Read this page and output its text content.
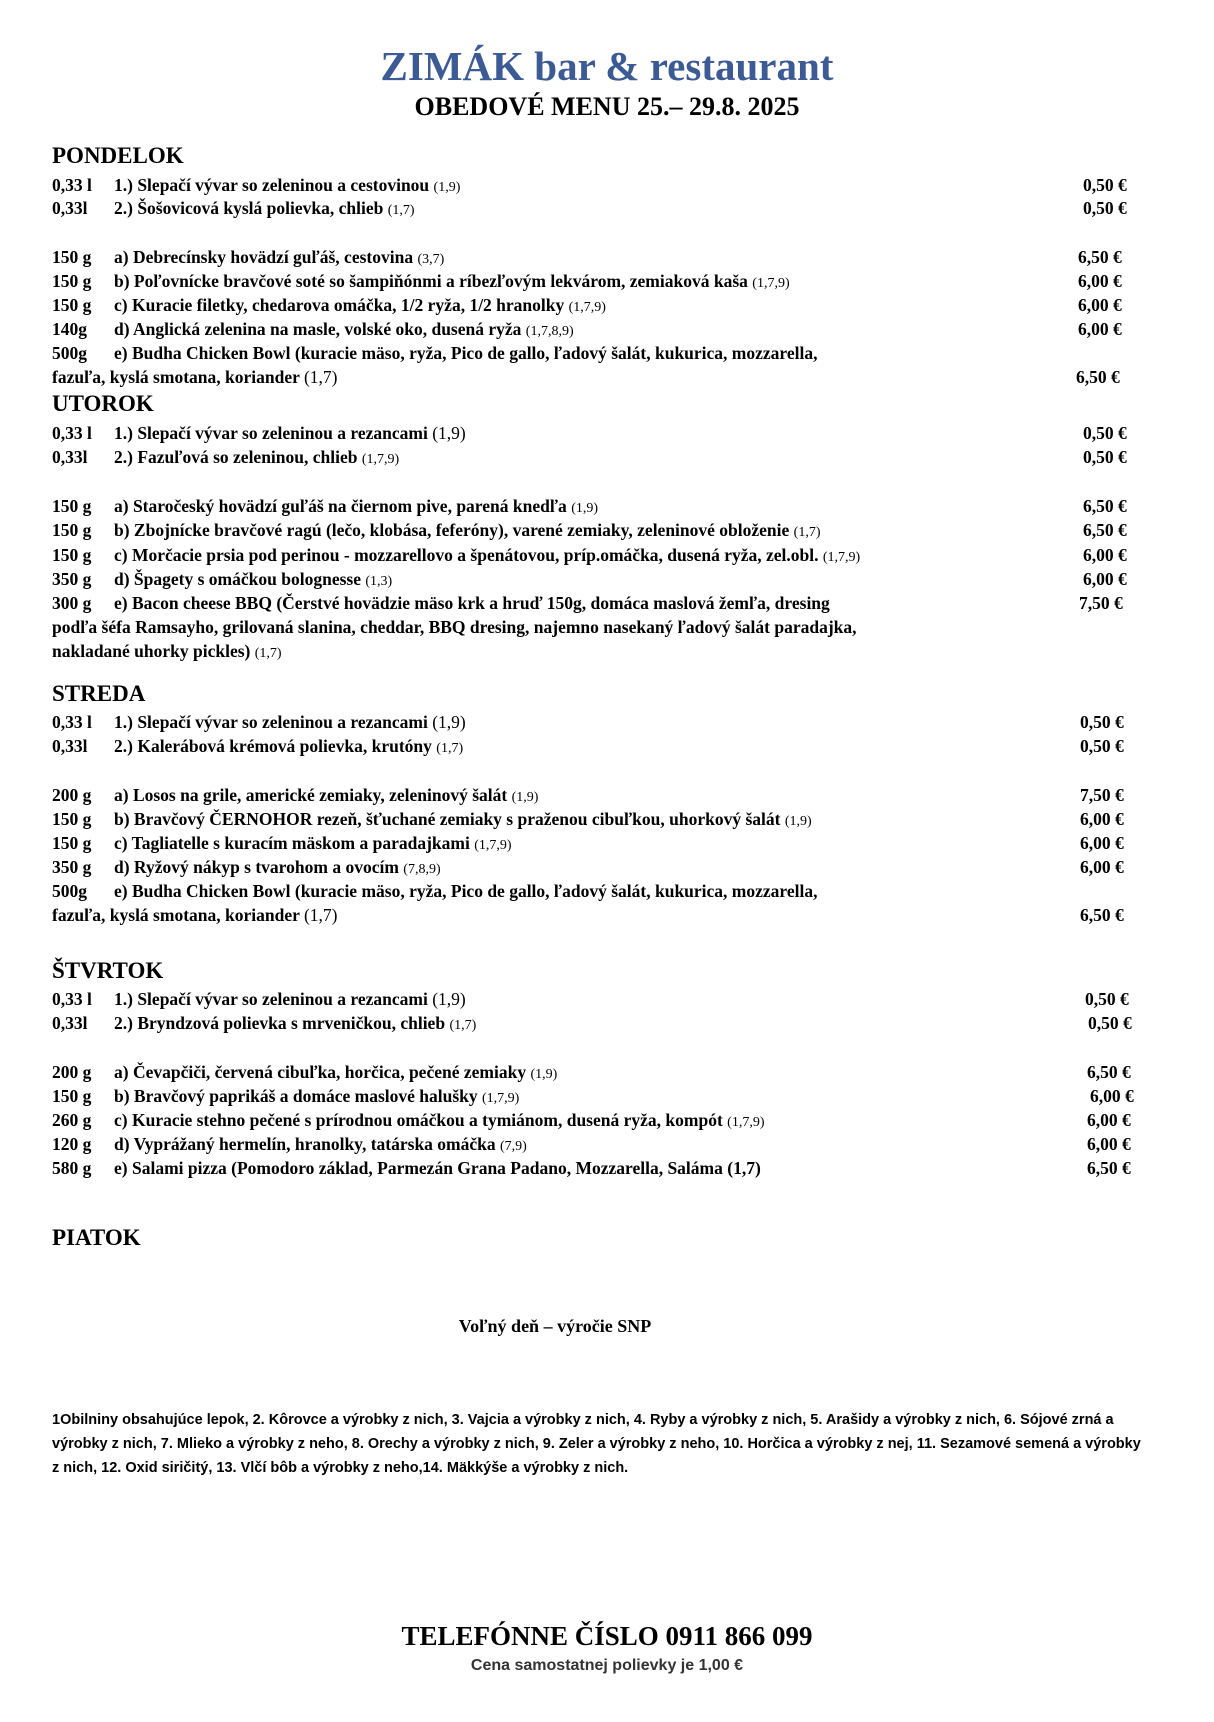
ZIMÁK bar & restaurant
OBEDOVÉ MENU 25.– 29.8. 2025
PONDELOK
0,33 l 1.) Slepačí vývar so zeleninou a cestovinou (1,9)	0,50 €
0,33l 2.) Šošovicová kyslá polievka, chlieb (1,7)	0,50 €
150 g a) Debrecínsky hovädzí guľáš, cestovina (3,7)	6,50 €
150 g b) Poľovnícke bravčové soté so šampiňónmi a ríbezľovým lekvárom, zemiaková kaša (1,7,9)	6,00 €
150 g c) Kuracie filetky, chedarova omáčka, 1/2 ryža, 1/2 hranolky (1,7,9)	6,00 €
140g d) Anglická zelenina na masle, volské oko, dusená ryža (1,7,8,9)	6,00 €
500g e) Budha Chicken Bowl (kuracie mäso, ryža, Pico de gallo, ľadový šalát, kukurica, mozzarella,
fazuľa, kyslá smotana, koriander (1,7)	6,50 €
UTOROK
0,33 l 1.) Slepačí vývar so zeleninou a rezancami (1,9)	0,50 €
0,33l 2.) Fazuľová so zeleninou, chlieb (1,7,9)	0,50 €
150 g a) Staročeský hovädzí guľáš na čiernom pive, parená knedľa (1,9)	6,50 €
150 g b) Zbojnícke bravčové ragú (lečo, klobása, feferóny), varené zemiaky, zeleninové obloženie (1,7)	6,50 €
150 g c) Morčacie prsia pod perinou - mozzarellovo a špenátovou, príp.omáčka, dusená ryža, zel.obl. (1,7,9)	6,00 €
350 g d) Špagety s omáčkou bolognesse (1,3)	6,00 €
300 g e) Bacon cheese BBQ (Čerstvé hovädzie mäso krk a hruď 150g, domáca maslová žemľa, dresing	7,50 €
podľa šéfa Ramsayho, grilovaná slanina, cheddar, BBQ dresing, najemno nasekaný ľadový šalát paradajka,
nakladané uhorky pickles) (1,7)
STREDA
0,33 l 1.) Slepačí vývar so zeleninou a rezancami (1,9)	0,50 €
0,33l 2.) Kalerábová krémová polievka, krutóny (1,7)	0,50 €
200 g a) Losos na grile, americké zemiaky, zeleninový šalát (1,9)	7,50 €
150 g b) Bravčový ČERNOHOR rezeň, šťuchané zemiaky s praženou cibuľkou, uhorkový šalát (1,9)	6,00 €
150 g c) Tagliatelle s kuracím mäskom a paradajkami (1,7,9)	6,00 €
350 g d) Ryžový nákyp s tvarohom a ovocím (7,8,9)	6,00 €
500g e) Budha Chicken Bowl (kuracie mäso, ryža, Pico de gallo, ľadový šalát, kukurica, mozzarella,
fazuľa, kyslá smotana, koriander (1,7)	6,50 €
ŠTVRTOK
0,33 l 1.) Slepačí vývar so zeleninou a rezancami (1,9)	0,50 €
0,33l 2.) Bryndzová polievka s mrveničkou, chlieb (1,7)	0,50 €
200 g a) Čevapčiči, červená cibuľka, horčica, pečené zemiaky (1,9)	6,50 €
150 g b) Bravčový paprikáš a domáce maslové halušky (1,7,9)	6,00 €
260 g c) Kuracie stehno pečené s prírodnou omáčkou a tymiánom, dusená ryža, kompót (1,7,9)	6,00 €
120 g d) Vyprážaný hermelín, hranolky, tatárska omáčka (7,9)	6,00 €
580 g e) Salami pizza (Pomodoro základ, Parmezán Grana Padano, Mozzarella, Saláma (1,7)	6,50 €
PIATOK
Voľný deň – výročie SNP
1Obilniny obsahujúce lepok, 2. Kôrovce a výrobky z nich, 3. Vajcia a výrobky z nich, 4. Ryby a výrobky z nich, 5. Arašidy a výrobky z nich, 6. Sójové zrná a výrobky z nich, 7. Mlieko a výrobky z neho, 8. Orechy a výrobky z nich, 9. Zeler a výrobky z neho, 10. Horčica a výrobky z nej, 11. Sezamové semená a výrobky z nich, 12. Oxid siričitý, 13. Vlčí bôb a výrobky z neho,14. Mäkkýše a výrobky z nich.
TELEFÓNNE ČÍSLO 0911 866 099
Cena samostatnej polievky je 1,00 €
